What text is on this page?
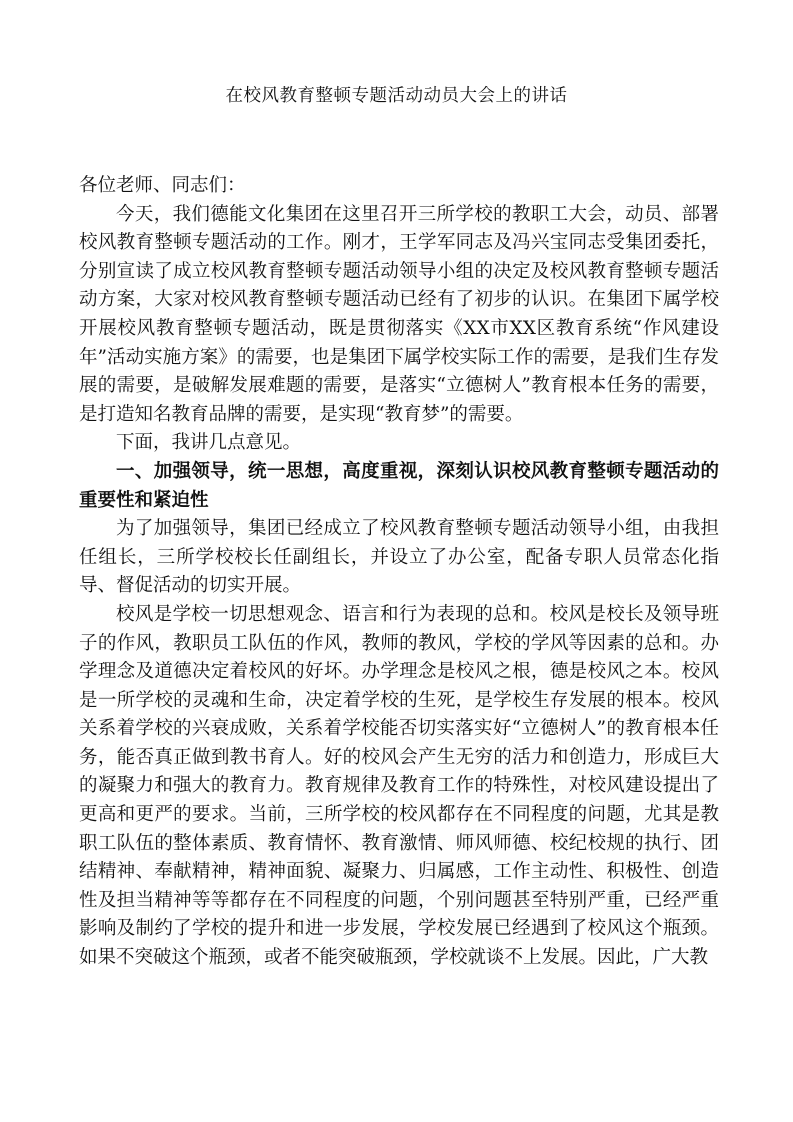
在校风教育整顿专题活动动员大会上的讲话

各位老师、同志们：

今天，我们德能文化集团在这里召开三所学校的教职工大会，动员、部署校风教育整顿专题活动的工作。刚才，王学军同志及冯兴宝同志受集团委托，分别宣读了成立校风教育整顿专题活动领导小组的决定及校风教育整顿专题活动方案，大家对校风教育整顿专题活动已经有了初步的认识。在集团下属学校开展校风教育整顿专题活动，既是贯彻落实《XX市XX区教育系统“作风建设年”活动实施方案》的需要，也是集团下属学校实际工作的需要，是我们生存发展的需要，是破解发展难题的需要，是落实“立德树人”教育根本任务的需要，是打造知名教育品牌的需要，是实现“教育梦”的需要。

下面，我讲几点意见。

一、加强领导，统一思想，高度重视，深刻认识校风教育整顿专题活动的重要性和紧迫性

为了加强领导，集团已经成立了校风教育整顿专题活动领导小组，由我担任组长，三所学校校长任副组长，并设立了办公室，配备专职人员常态化指导、督促活动的切实开展。

校风是学校一切思想观念、语言和行为表现的总和。校风是校长及领导班子的作风，教职员工队伍的作风，教师的教风，学校的学风等因素的总和。办学理念及道德决定着校风的好坏。办学理念是校风之根，德是校风之本。校风是一所学校的灵魂和生命，决定着学校的生死，是学校生存发展的根本。校风关系着学校的兴衰成败，关系着学校能否切实落实好“立德树人”的教育根本任务，能否真正做到教书育人。好的校风会产生无穷的活力和创造力，形成巨大的凝聚力和强大的教育力。教育规律及教育工作的特殊性，对校风建设提出了更高和更严的要求。当前，三所学校的校风都存在不同程度的问题，尤其是教职工队伍的整体素质、教育情怀、教育激情、师风师德、校纪校规的执行、团结精神、奉献精神，精神面貌、凝聚力、归属感，工作主动性、积极性、创造性及担当精神等等都存在不同程度的问题，个别问题甚至特别严重，已经严重影响及制约了学校的提升和进一步发展，学校发展已经遇到了校风这个瓶颈。如果不突破这个瓶颈，或者不能突破瓶颈，学校就谈不上发展。因此，广大教
